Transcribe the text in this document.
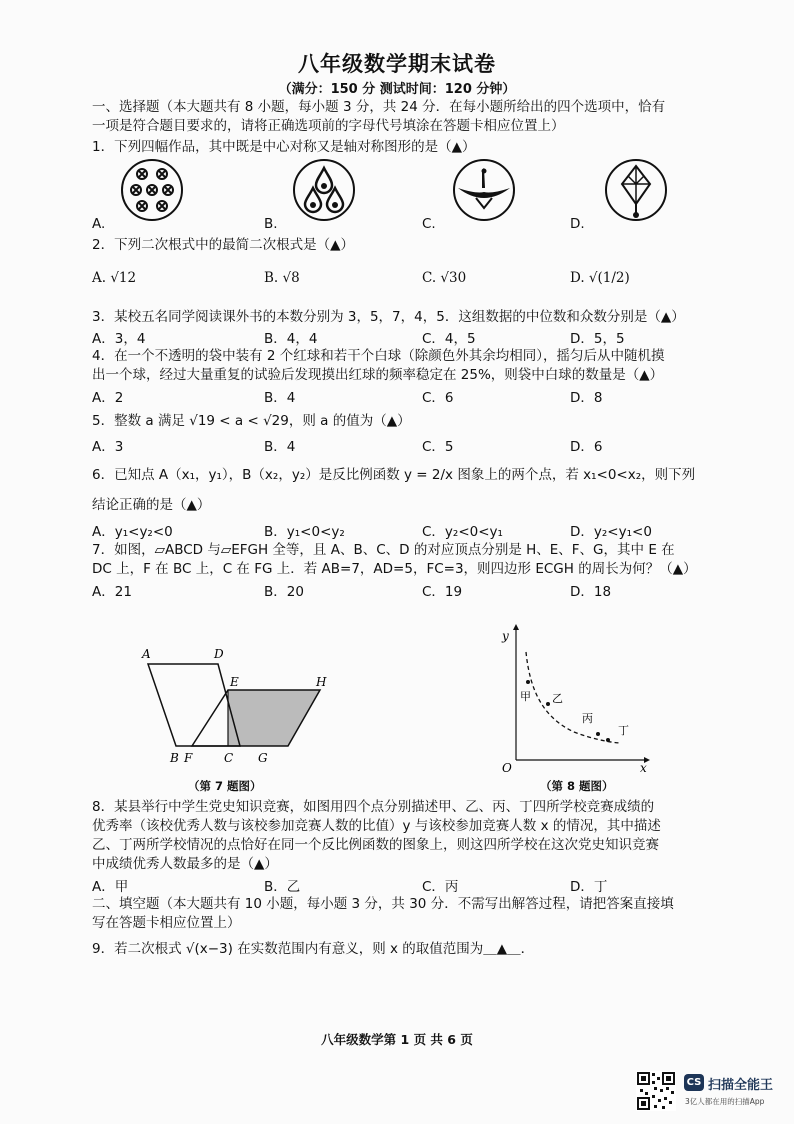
八年级数学期末试卷
（满分：150 分 测试时间：120 分钟）
一、选择题（本大题共有 8 小题，每小题 3 分，共 24 分．在每小题所给出的四个选项中，恰有
一项是符合题目要求的，请将正确选项前的字母代号填涂在答题卡相应位置上）
1．下列四幅作品，其中既是中心对称又是轴对称图形的是（▲）
A.	B.	C.	D.
2．下列二次根式中的最简二次根式是（▲）
A. √12	B. √8	C. √30	D. √(1/2)
3．某校五名同学阅读课外书的本数分别为 3，5，7，4，5．这组数据的中位数和众数分别是（▲）
A．3，4	B．4，4	C．4，5	D．5，5
4．在一个不透明的袋中装有 2 个红球和若干个白球（除颜色外其余均相同），摇匀后从中随机摸
出一个球，经过大量重复的试验后发现摸出红球的频率稳定在 25%，则袋中白球的数量是（▲）
A．2	B．4	C．6	D．8
5．整数 a 满足 √19 < a < √29，则 a 的值为（▲）
A．3	B．4	C．5	D．6
6．已知点 A（x₁，y₁），B（x₂，y₂）是反比例函数 y = 2/x 图象上的两个点，若 x₁<0<x₂，则下列
结论正确的是（▲）
A．y₁<y₂<0	B．y₁<0<y₂	C．y₂<0<y₁	D．y₂<y₁<0
7．如图，▱ABCD 与▱EFGH 全等，且 A、B、C、D 的对应顶点分别是 H、E、F、G，其中 E 在
DC 上，F 在 BC 上，C 在 FG 上．若 AB=7，AD=5，FC=3，则四边形 ECGH 的周长为何？（▲）
A．21	B．20	C．19	D．18
A	D
E	H
B F	C G
（第 7 题图）
y
x
O
甲 乙
丙
丁
（第 8 题图）
8．某县举行中学生党史知识竞赛，如图用四个点分别描述甲、乙、丙、丁四所学校竞赛成绩的
优秀率（该校优秀人数与该校参加竞赛人数的比值）y 与该校参加竞赛人数 x 的情况，其中描述
乙、丁两所学校情况的点恰好在同一个反比例函数的图象上，则这四所学校在这次党史知识竞赛
中成绩优秀人数最多的是（▲）
A．甲	B．乙	C．丙	D．丁
二、填空题（本大题共有 10 小题，每小题 3 分，共 30 分．不需写出解答过程，请把答案直接填
写在答题卡相应位置上）
9．若二次根式 √(x−3) 在实数范围内有意义，则 x 的取值范围为＿▲＿．
八年级数学第 1 页 共 6 页
CS 扫描全能王
3亿人都在用的扫描App
